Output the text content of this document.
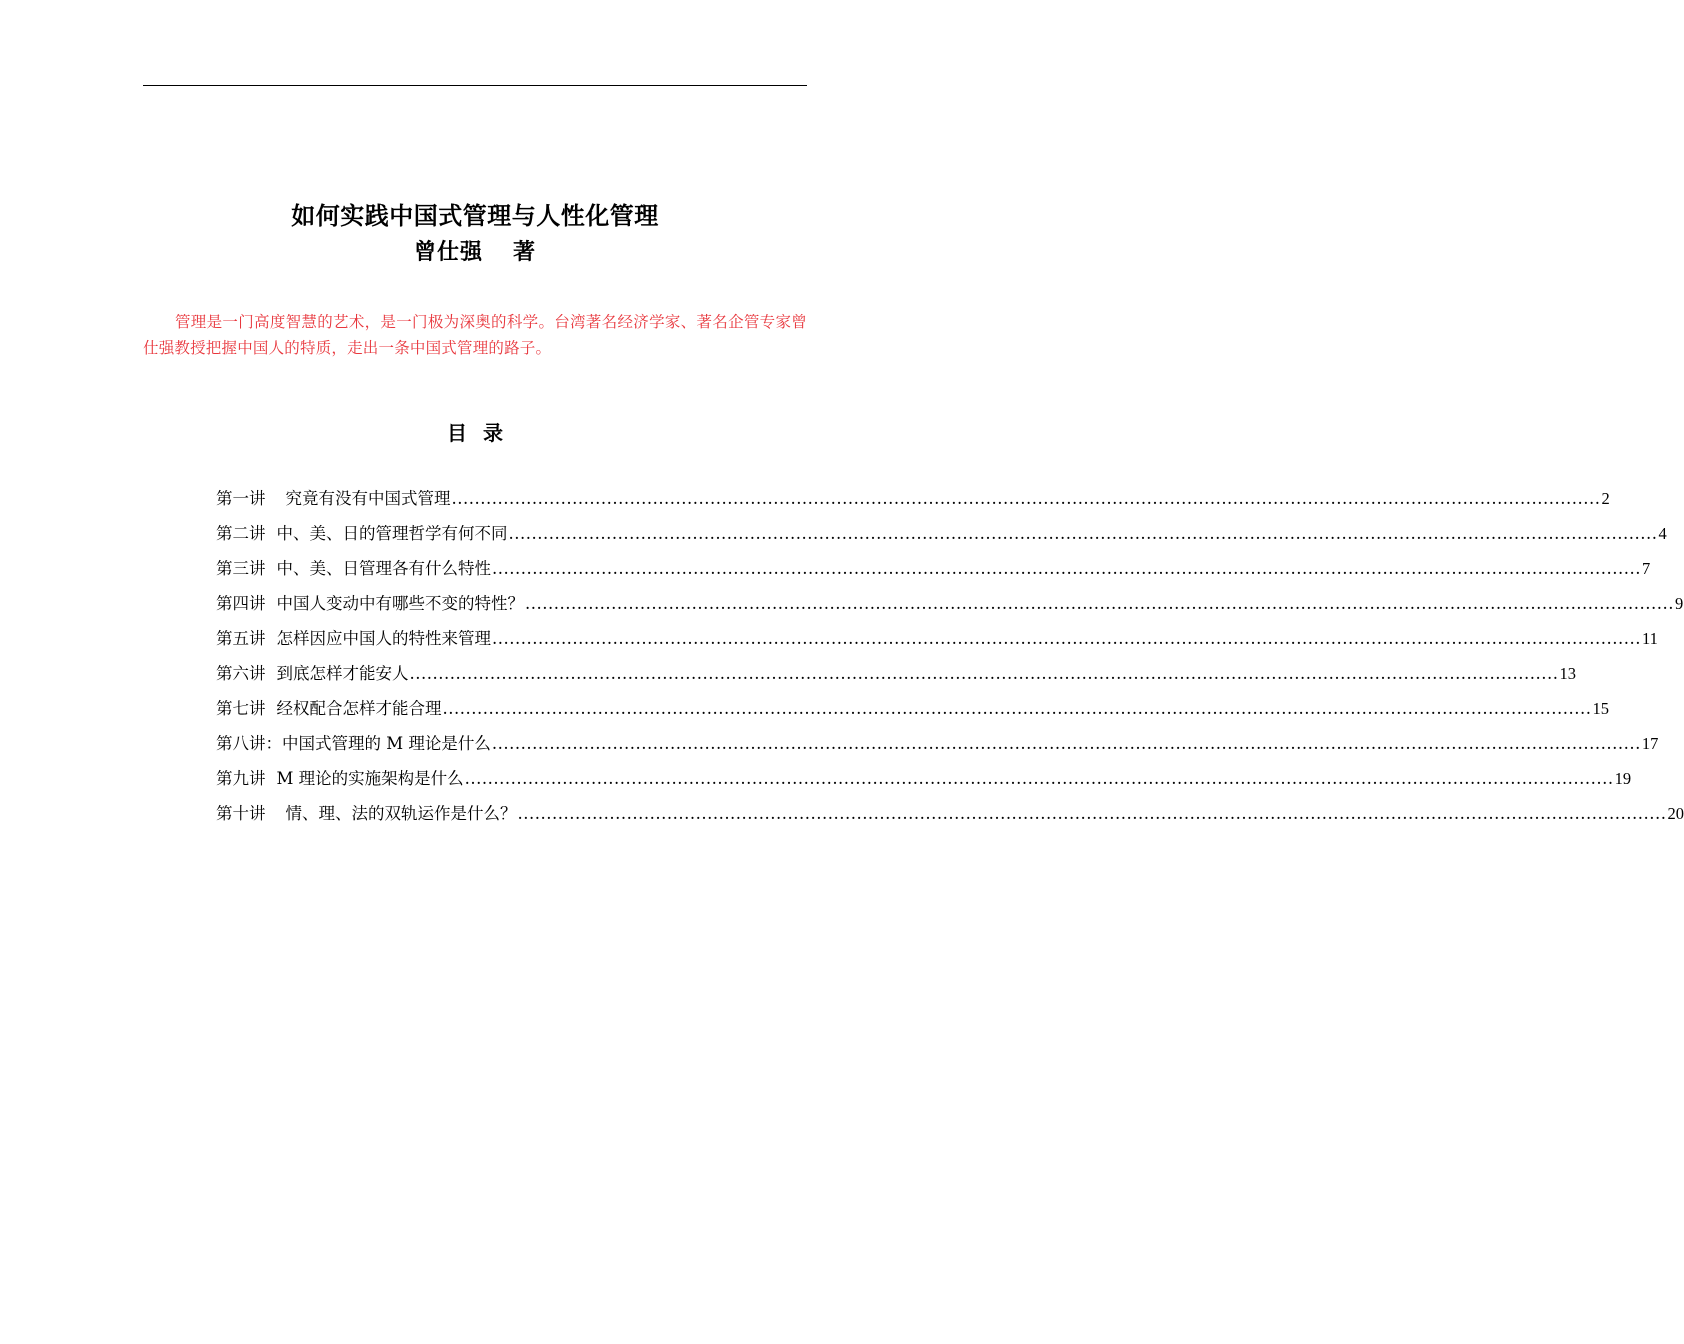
如何实践中国式管理与人性化管理
曾仕强 著

管理是一门高度智慧的艺术，是一门极为深奥的科学。台湾著名经济学家、著名企管专家曾仕强教授把握中国人的特质，走出一条中国式管理的路子。

目录
第一讲 究竟有没有中国式管理 ........................................................................................................................................................................................................ 2
第二讲 中、美、日的管理哲学有何不同 ........................................................................................................................................................................................................ 4
第三讲 中、美、日管理各有什么特性 ........................................................................................................................................................................................................ 7
第四讲 中国人变动中有哪些不变的特性？ ........................................................................................................................................................................................................ 9
第五讲 怎样因应中国人的特性来管理 ........................................................................................................................................................................................................ 11
第六讲 到底怎样才能安人 ........................................................................................................................................................................................................ 13
第七讲 经权配合怎样才能合理 ........................................................................................................................................................................................................ 15
第八讲： 中国式管理的 M 理论是什么 ........................................................................................................................................................................................................ 17
第九讲 M 理论的实施架构是什么 ........................................................................................................................................................................................................ 19
第十讲 情、理、法的双轨运作是什么？ ........................................................................................................................................................................................................ 20
